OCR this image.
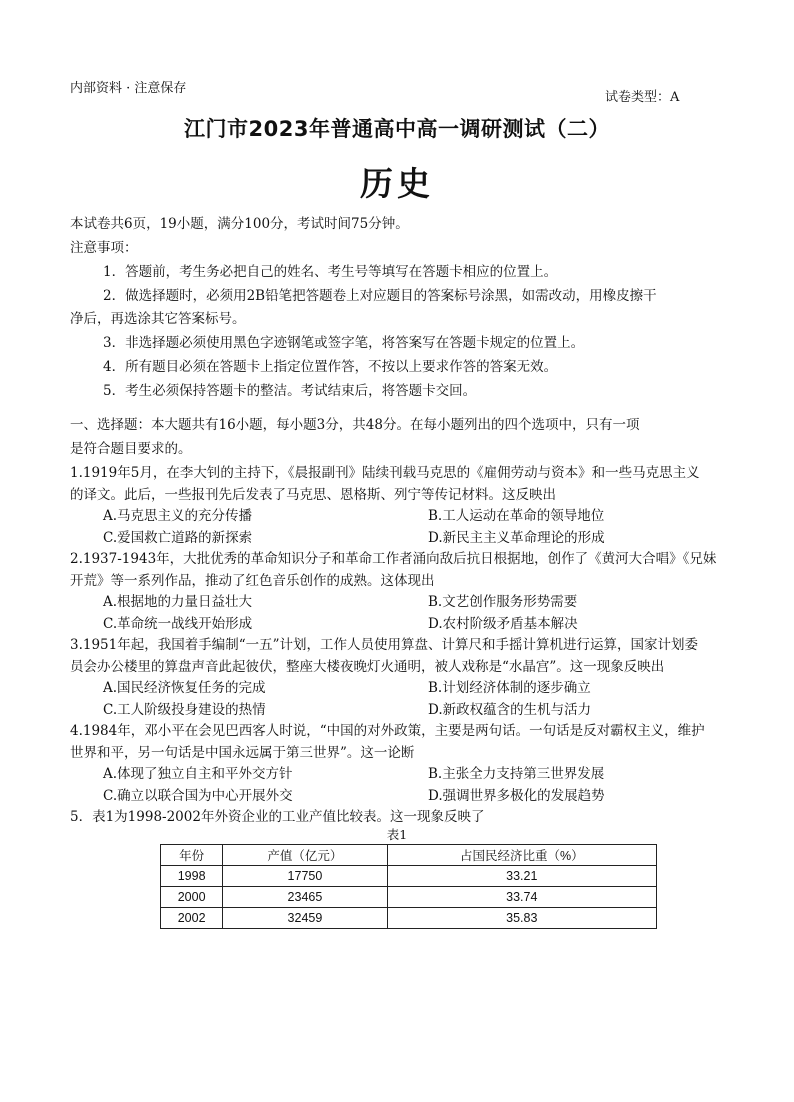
内部资料 · 注意保存
试卷类型：A
江门市2023年普通高中高一调研测试（二）
历史
本试卷共6页，19小题，满分100分，考试时间75分钟。
注意事项：
1．答题前，考生务必把自己的姓名、考生号等填写在答题卡相应的位置上。
2．做选择题时，必须用2B铅笔把答题卷上对应题目的答案标号涂黑，如需改动，用橡皮擦干
净后，再选涂其它答案标号。
3．非选择题必须使用黑色字迹钢笔或签字笔，将答案写在答题卡规定的位置上。
4．所有题目必须在答题卡上指定位置作答，不按以上要求作答的答案无效。
5．考生必须保持答题卡的整洁。考试结束后，将答题卡交回。
一、选择题：本大题共有16小题，每小题3分，共48分。在每小题列出的四个选项中，只有一项
是符合题目要求的。
1.1919年5月，在李大钊的主持下，《晨报副刊》陆续刊载马克思的《雇佣劳动与资本》和一些马克思主义
的译文。此后，一些报刊先后发表了马克思、恩格斯、列宁等传记材料。这反映出
A.马克思主义的充分传播	B.工人运动在革命的领导地位
C.爱国救亡道路的新探索	D.新民主主义革命理论的形成
2.1937-1943年，大批优秀的革命知识分子和革命工作者涌向敌后抗日根据地，创作了《黄河大合唱》《兄妹
开荒》等一系列作品，推动了红色音乐创作的成熟。这体现出
A.根据地的力量日益壮大	B.文艺创作服务形势需要
C.革命统一战线开始形成	D.农村阶级矛盾基本解决
3.1951年起，我国着手编制“一五”计划，工作人员使用算盘、计算尺和手摇计算机进行运算，国家计划委
员会办公楼里的算盘声音此起彼伏，整座大楼夜晚灯火通明，被人戏称是“水晶宫”。这一现象反映出
A.国民经济恢复任务的完成	B.计划经济体制的逐步确立
C.工人阶级投身建设的热情	D.新政权蕴含的生机与活力
4.1984年，邓小平在会见巴西客人时说，“中国的对外政策，主要是两句话。一句话是反对霸权主义，维护
世界和平，另一句话是中国永远属于第三世界”。这一论断
A.体现了独立自主和平外交方针	B.主张全力支持第三世界发展
C.确立以联合国为中心开展外交	D.强调世界多极化的发展趋势
5．表1为1998-2002年外资企业的工业产值比较表。这一现象反映了
表1
年份	产值（亿元）	占国民经济比重（%）
1998	17750	33.21
2000	23465	33.74
2002	32459	35.83
